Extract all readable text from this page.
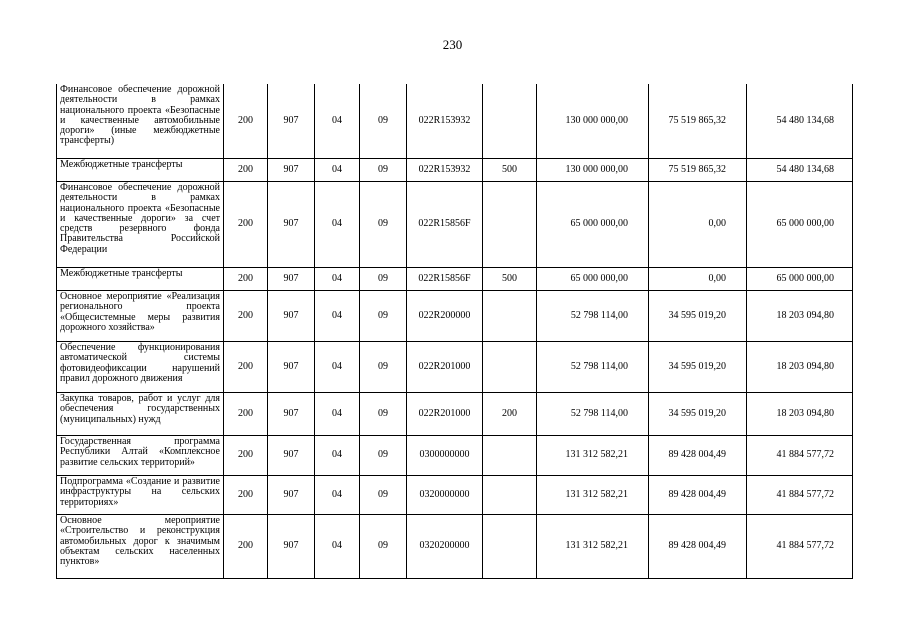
230
Финансовое обеспечение дорожной деятельности в рамках национального проекта «Безопасные и качественные автомобильные дороги» (иные межбюджетные трансферты)	200	907	04	09	022R153932		130 000 000,00	75 519 865,32	54 480 134,68
Межбюджетные трансферты	200	907	04	09	022R153932	500	130 000 000,00	75 519 865,32	54 480 134,68
Финансовое обеспечение дорожной деятельности в рамках национального проекта «Безопасные и качественные дороги» за счет средств резервного фонда Правительства Российской Федерации	200	907	04	09	022R15856F		65 000 000,00	0,00	65 000 000,00
Межбюджетные трансферты	200	907	04	09	022R15856F	500	65 000 000,00	0,00	65 000 000,00
Основное мероприятие «Реализация регионального проекта «Общесистемные меры развития дорожного хозяйства»	200	907	04	09	022R200000		52 798 114,00	34 595 019,20	18 203 094,80
Обеспечение функционирования автоматической системы фотовидеофиксации нарушений правил дорожного движения	200	907	04	09	022R201000		52 798 114,00	34 595 019,20	18 203 094,80
Закупка товаров, работ и услуг для обеспечения государственных (муниципальных) нужд	200	907	04	09	022R201000	200	52 798 114,00	34 595 019,20	18 203 094,80
Государственная программа Республики Алтай «Комплексное развитие сельских территорий»	200	907	04	09	0300000000		131 312 582,21	89 428 004,49	41 884 577,72
Подпрограмма «Создание и развитие инфраструктуры на сельских территориях»	200	907	04	09	0320000000		131 312 582,21	89 428 004,49	41 884 577,72
Основное мероприятие «Строительство и реконструкция автомобильных дорог к значимым объектам сельских населенных пунктов»	200	907	04	09	0320200000		131 312 582,21	89 428 004,49	41 884 577,72
